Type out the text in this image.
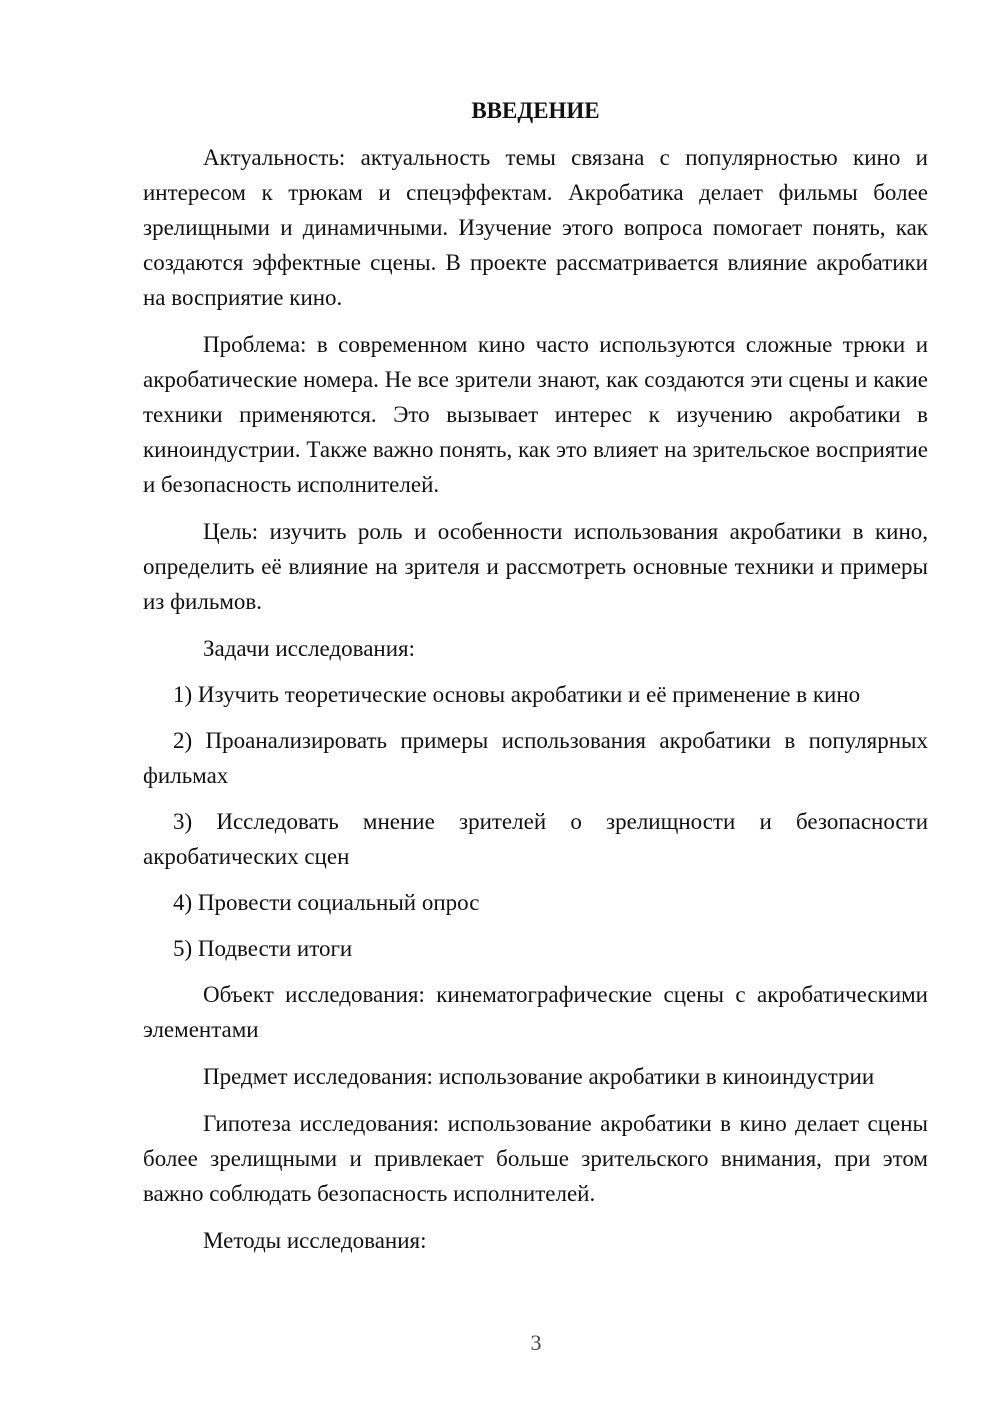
ВВЕДЕНИЕ

Актуальность: актуальность темы связана с популярностью кино и интересом к трюкам и спецэффектам. Акробатика делает фильмы более зрелищными и динамичными. Изучение этого вопроса помогает понять, как создаются эффектные сцены. В проекте рассматривается влияние акробатики на восприятие кино.

Проблема: в современном кино часто используются сложные трюки и акробатические номера. Не все зрители знают, как создаются эти сцены и какие техники применяются. Это вызывает интерес к изучению акробатики в киноиндустрии. Также важно понять, как это влияет на зрительское восприятие и безопасность исполнителей.

Цель: изучить роль и особенности использования акробатики в кино, определить её влияние на зрителя и рассмотреть основные техники и примеры из фильмов.

Задачи исследования:

1) Изучить теоретические основы акробатики и её применение в кино

2) Проанализировать примеры использования акробатики в популярных фильмах

3) Исследовать мнение зрителей о зрелищности и безопасности акробатических сцен

4) Провести социальный опрос

5) Подвести итоги

Объект исследования: кинематографические сцены с акробатическими элементами

Предмет исследования: использование акробатики в киноиндустрии

Гипотеза исследования: использование акробатики в кино делает сцены более зрелищными и привлекает больше зрительского внимания, при этом важно соблюдать безопасность исполнителей.

Методы исследования:

3
